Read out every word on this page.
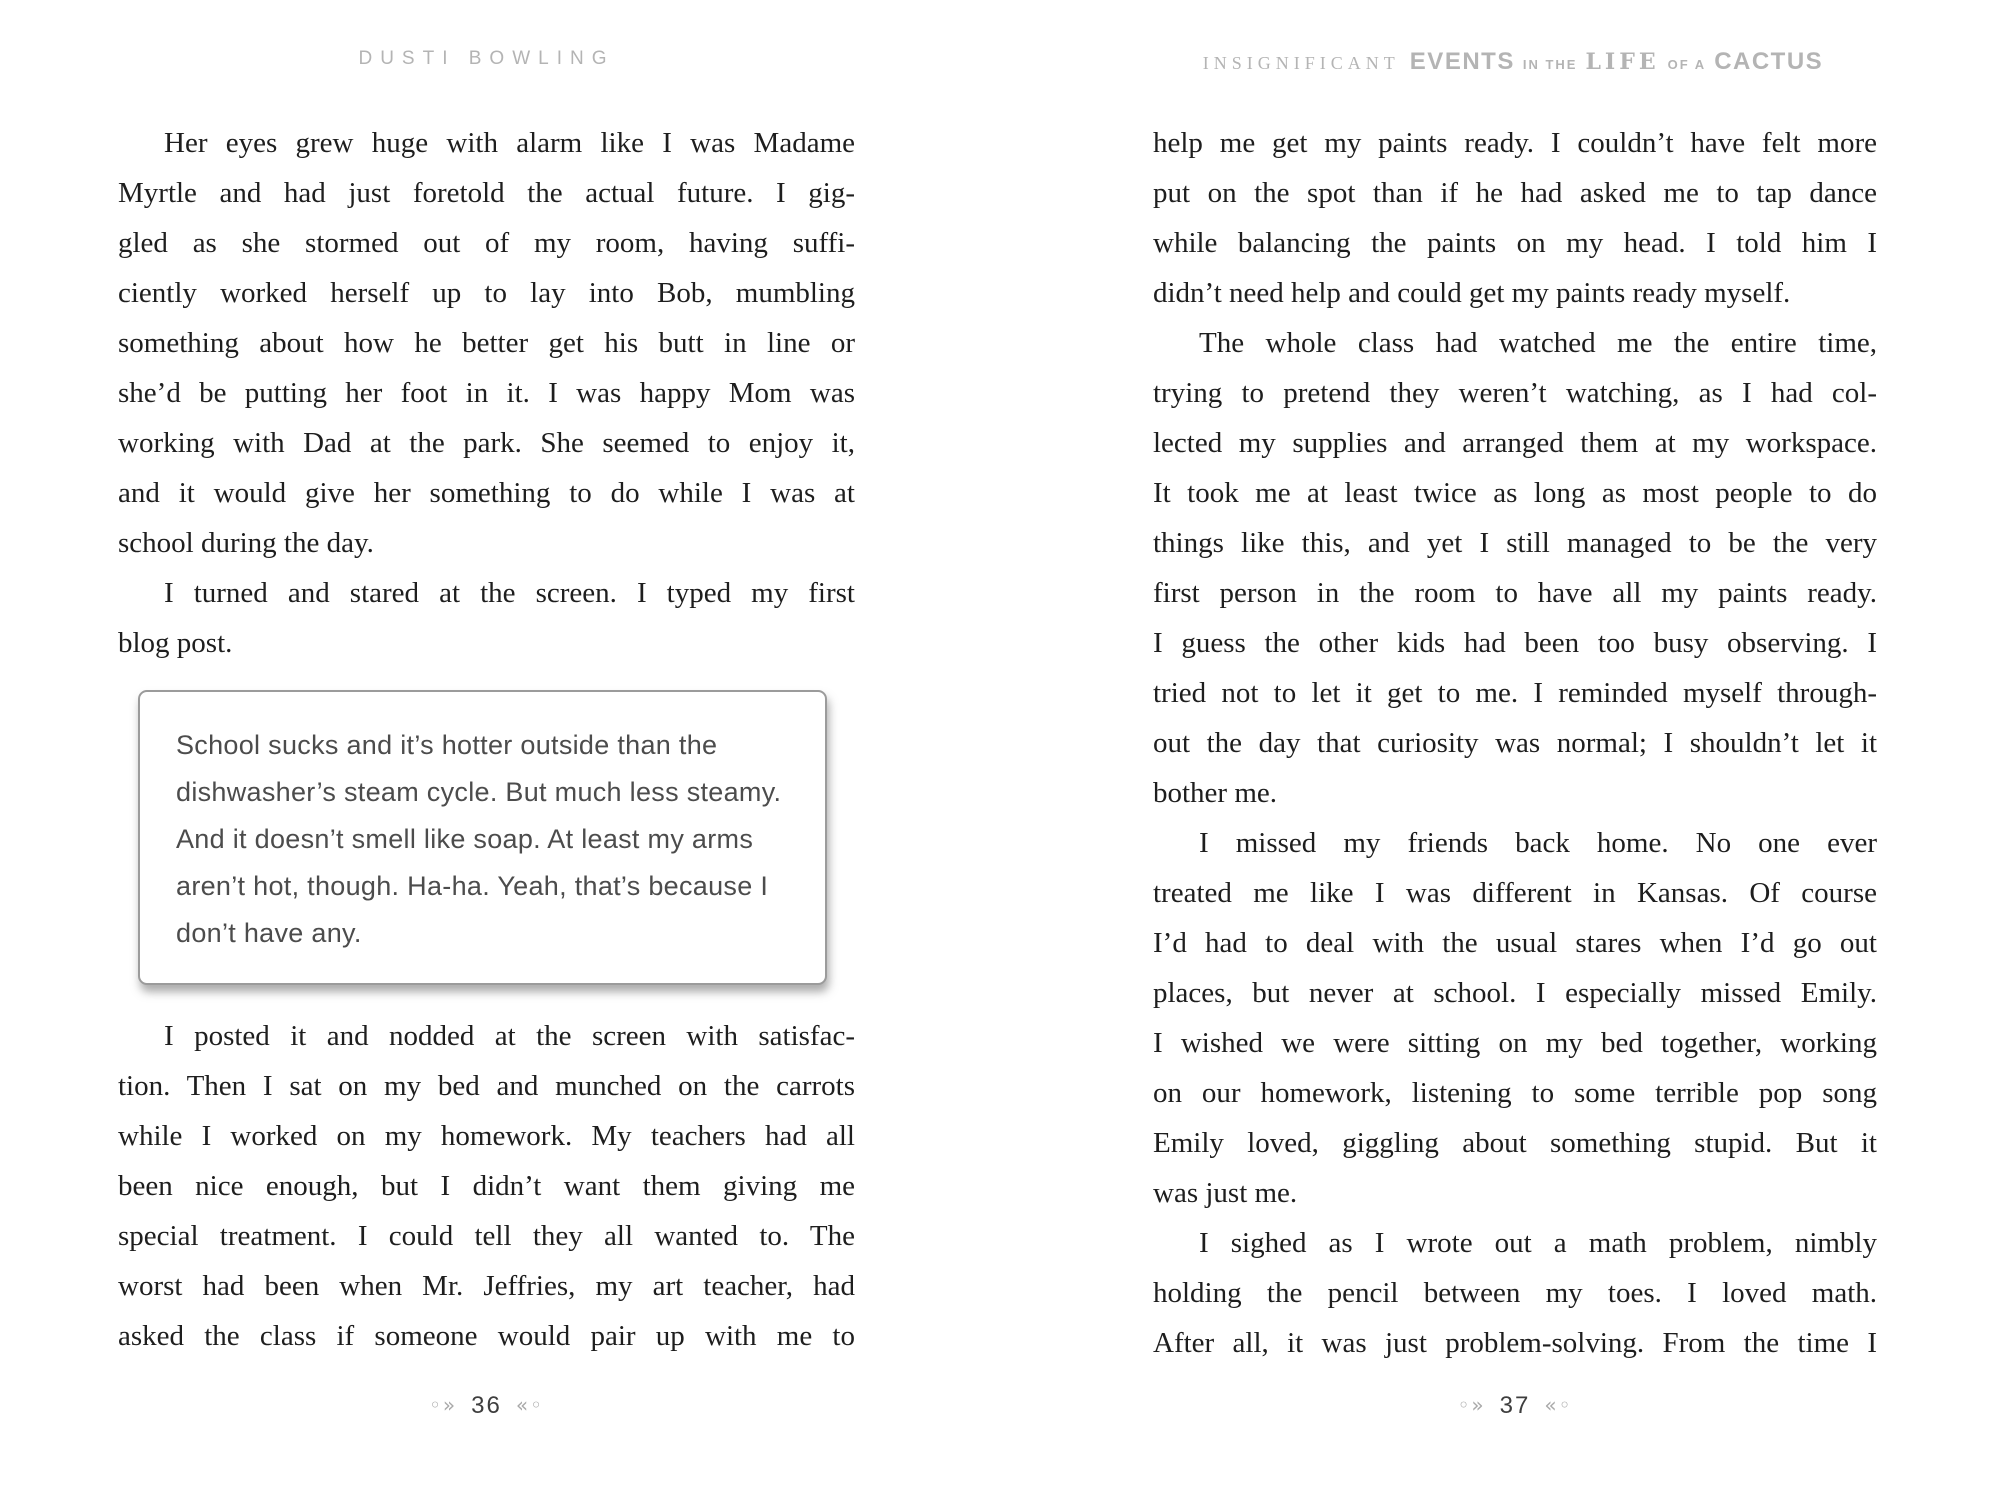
DUSTI BOWLING
Her eyes grew huge with alarm like I was Madame
Myrtle and had just foretold the actual future. I gig-
gled as she stormed out of my room, having suffi-
ciently worked herself up to lay into Bob, mumbling
something about how he better get his butt in line or
she’d be putting her foot in it. I was happy Mom was
working with Dad at the park. She seemed to enjoy it,
and it would give her something to do while I was at
school during the day.
I turned and stared at the screen. I typed my first
blog post.
School sucks and it’s hotter outside than the
dishwasher’s steam cycle. But much less steamy.
And it doesn’t smell like soap. At least my arms
aren’t hot, though. Ha-ha. Yeah, that’s because I
don’t have any.
I posted it and nodded at the screen with satisfac-
tion. Then I sat on my bed and munched on the carrots
while I worked on my homework. My teachers had all
been nice enough, but I didn’t want them giving me
special treatment. I could tell they all wanted to. The
worst had been when Mr. Jeffries, my art teacher, had
asked the class if someone would pair up with me to
◦» 36 «◦
INSIGNIFICANT EVENTS IN THE LIFE OF A CACTUS
help me get my paints ready. I couldn’t have felt more
put on the spot than if he had asked me to tap dance
while balancing the paints on my head. I told him I
didn’t need help and could get my paints ready myself.
The whole class had watched me the entire time,
trying to pretend they weren’t watching, as I had col-
lected my supplies and arranged them at my workspace.
It took me at least twice as long as most people to do
things like this, and yet I still managed to be the very
first person in the room to have all my paints ready.
I guess the other kids had been too busy observing. I
tried not to let it get to me. I reminded myself through-
out the day that curiosity was normal; I shouldn’t let it
bother me.
I missed my friends back home. No one ever
treated me like I was different in Kansas. Of course
I’d had to deal with the usual stares when I’d go out
places, but never at school. I especially missed Emily.
I wished we were sitting on my bed together, working
on our homework, listening to some terrible pop song
Emily loved, giggling about something stupid. But it
was just me.
I sighed as I wrote out a math problem, nimbly
holding the pencil between my toes. I loved math.
After all, it was just problem-solving. From the time I
◦» 37 «◦
